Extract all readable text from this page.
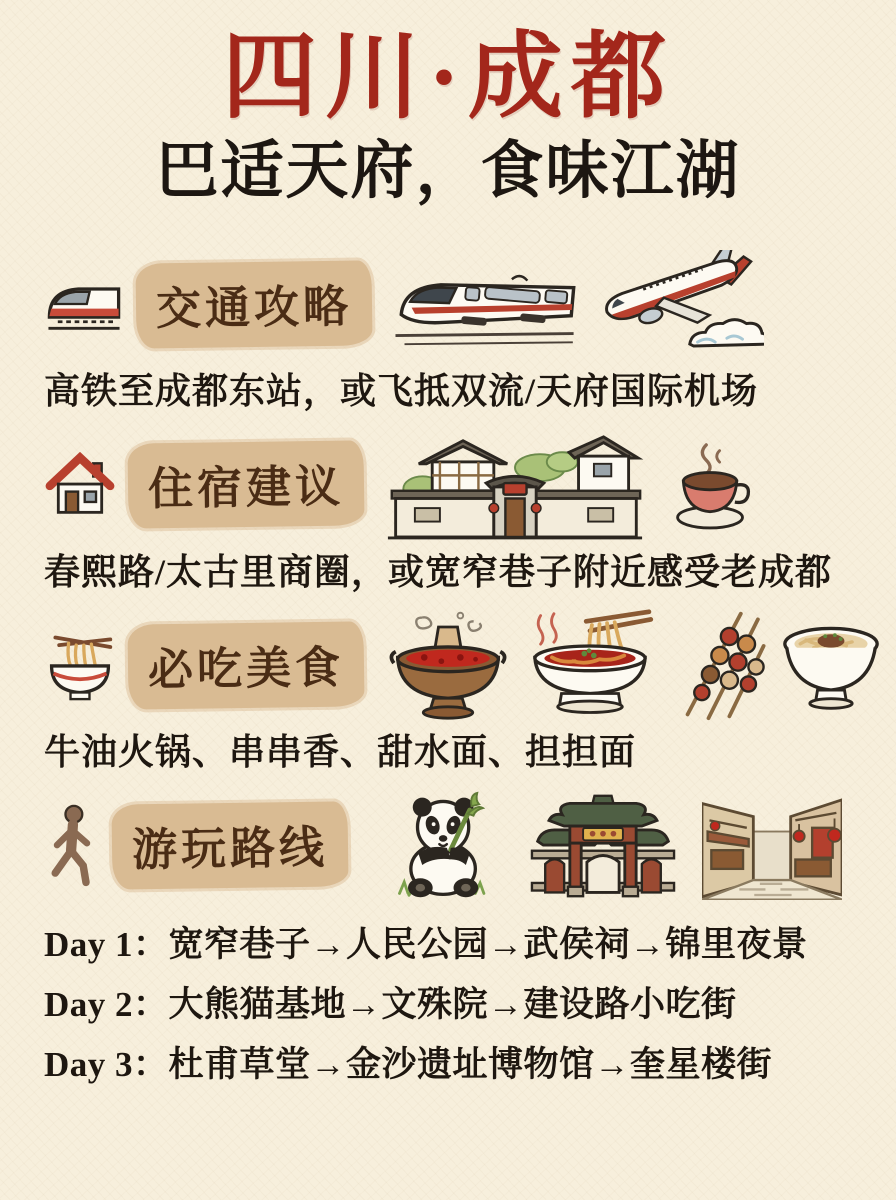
四川·成都
巴适天府，食味江湖
交通攻略
高铁至成都东站，或飞抵双流/天府国际机场
住宿建议
春熙路/太古里商圈，或宽窄巷子附近感受老成都
必吃美食
牛油火锅、串串香、甜水面、担担面
游玩路线
Day 1：宽窄巷子→人民公园→武侯祠→锦里夜景
Day 2：大熊猫基地→文殊院→建设路小吃街
Day 3：杜甫草堂→金沙遗址博物馆→奎星楼街
